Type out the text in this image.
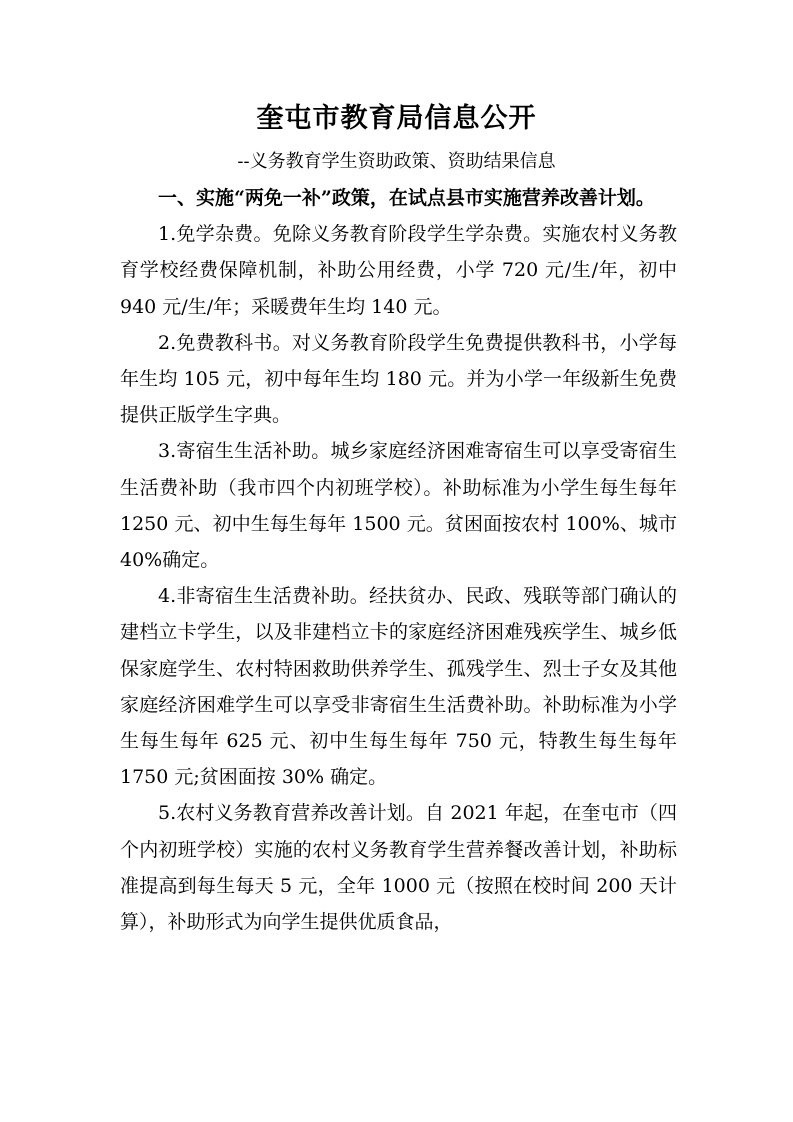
奎屯市教育局信息公开
--义务教育学生资助政策、资助结果信息

一、实施“两免一补”政策，在试点县市实施营养改善计划。

1.免学杂费。免除义务教育阶段学生学杂费。实施农村义务教育学校经费保障机制，补助公用经费，小学 720 元/生/年，初中 940 元/生/年；采暖费年生均 140 元。

2.免费教科书。对义务教育阶段学生免费提供教科书，小学每年生均 105 元，初中每年生均 180 元。并为小学一年级新生免费提供正版学生字典。

3.寄宿生生活补助。城乡家庭经济困难寄宿生可以享受寄宿生生活费补助（我市四个内初班学校）。补助标准为小学生每生每年 1250 元、初中生每生每年 1500 元。贫困面按农村 100%、城市 40%确定。

4.非寄宿生生活费补助。经扶贫办、民政、残联等部门确认的建档立卡学生，以及非建档立卡的家庭经济困难残疾学生、城乡低保家庭学生、农村特困救助供养学生、孤残学生、烈士子女及其他家庭经济困难学生可以享受非寄宿生生活费补助。补助标准为小学生每生每年 625 元、初中生每生每年 750 元，特教生每生每年 1750 元;贫困面按 30% 确定。

5.农村义务教育营养改善计划。自 2021 年起，在奎屯市（四个内初班学校）实施的农村义务教育学生营养餐改善计划，补助标准提高到每生每天 5 元，全年 1000 元（按照在校时间 200 天计算），补助形式为向学生提供优质食品，
